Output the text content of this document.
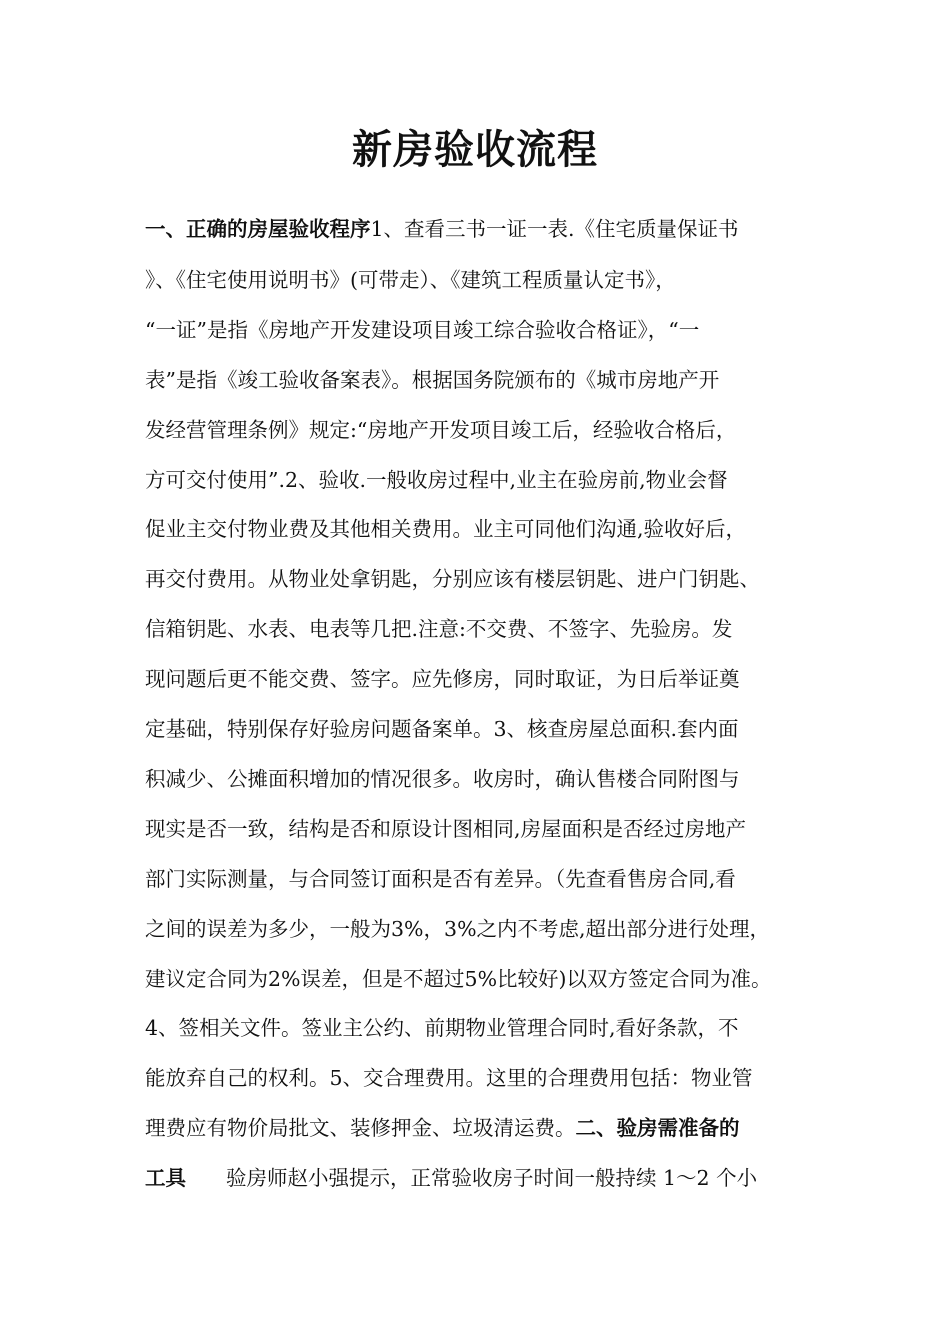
新房验收流程
一、正确的房屋验收程序1、查看三书一证一表.《住宅质量保证书
》、《住宅使用说明书》(可带走）、《建筑工程质量认定书》，
“一证”是指《房地产开发建设项目竣工综合验收合格证》，“一
表”是指《竣工验收备案表》。根据国务院颁布的《城市房地产开
发经营管理条例》规定:“房地产开发项目竣工后，经验收合格后，
方可交付使用”.2、验收.一般收房过程中,业主在验房前,物业会督
促业主交付物业费及其他相关费用。业主可同他们沟通,验收好后，
再交付费用。从物业处拿钥匙，分别应该有楼层钥匙、进户门钥匙、
信箱钥匙、水表、电表等几把.注意:不交费、不签字、先验房。发
现问题后更不能交费、签字。应先修房，同时取证，为日后举证奠
定基础，特别保存好验房问题备案单。3、核查房屋总面积.套内面
积减少、公摊面积增加的情况很多。收房时，确认售楼合同附图与
现实是否一致，结构是否和原设计图相同,房屋面积是否经过房地产
部门实际测量，与合同签订面积是否有差异。（先查看售房合同,看
之间的误差为多少，一般为3%，3%之内不考虑,超出部分进行处理，
建议定合同为2%误差，但是不超过5%比较好)以双方签定合同为准。
4、签相关文件。签业主公约、前期物业管理合同时,看好条款，不
能放弃自己的权利。5、交合理费用。这里的合理费用包括：物业管
理费应有物价局批文、装修押金、垃圾清运费。二、验房需准备的
工具 验房师赵小强提示，正常验收房子时间一般持续 1～2 个小
